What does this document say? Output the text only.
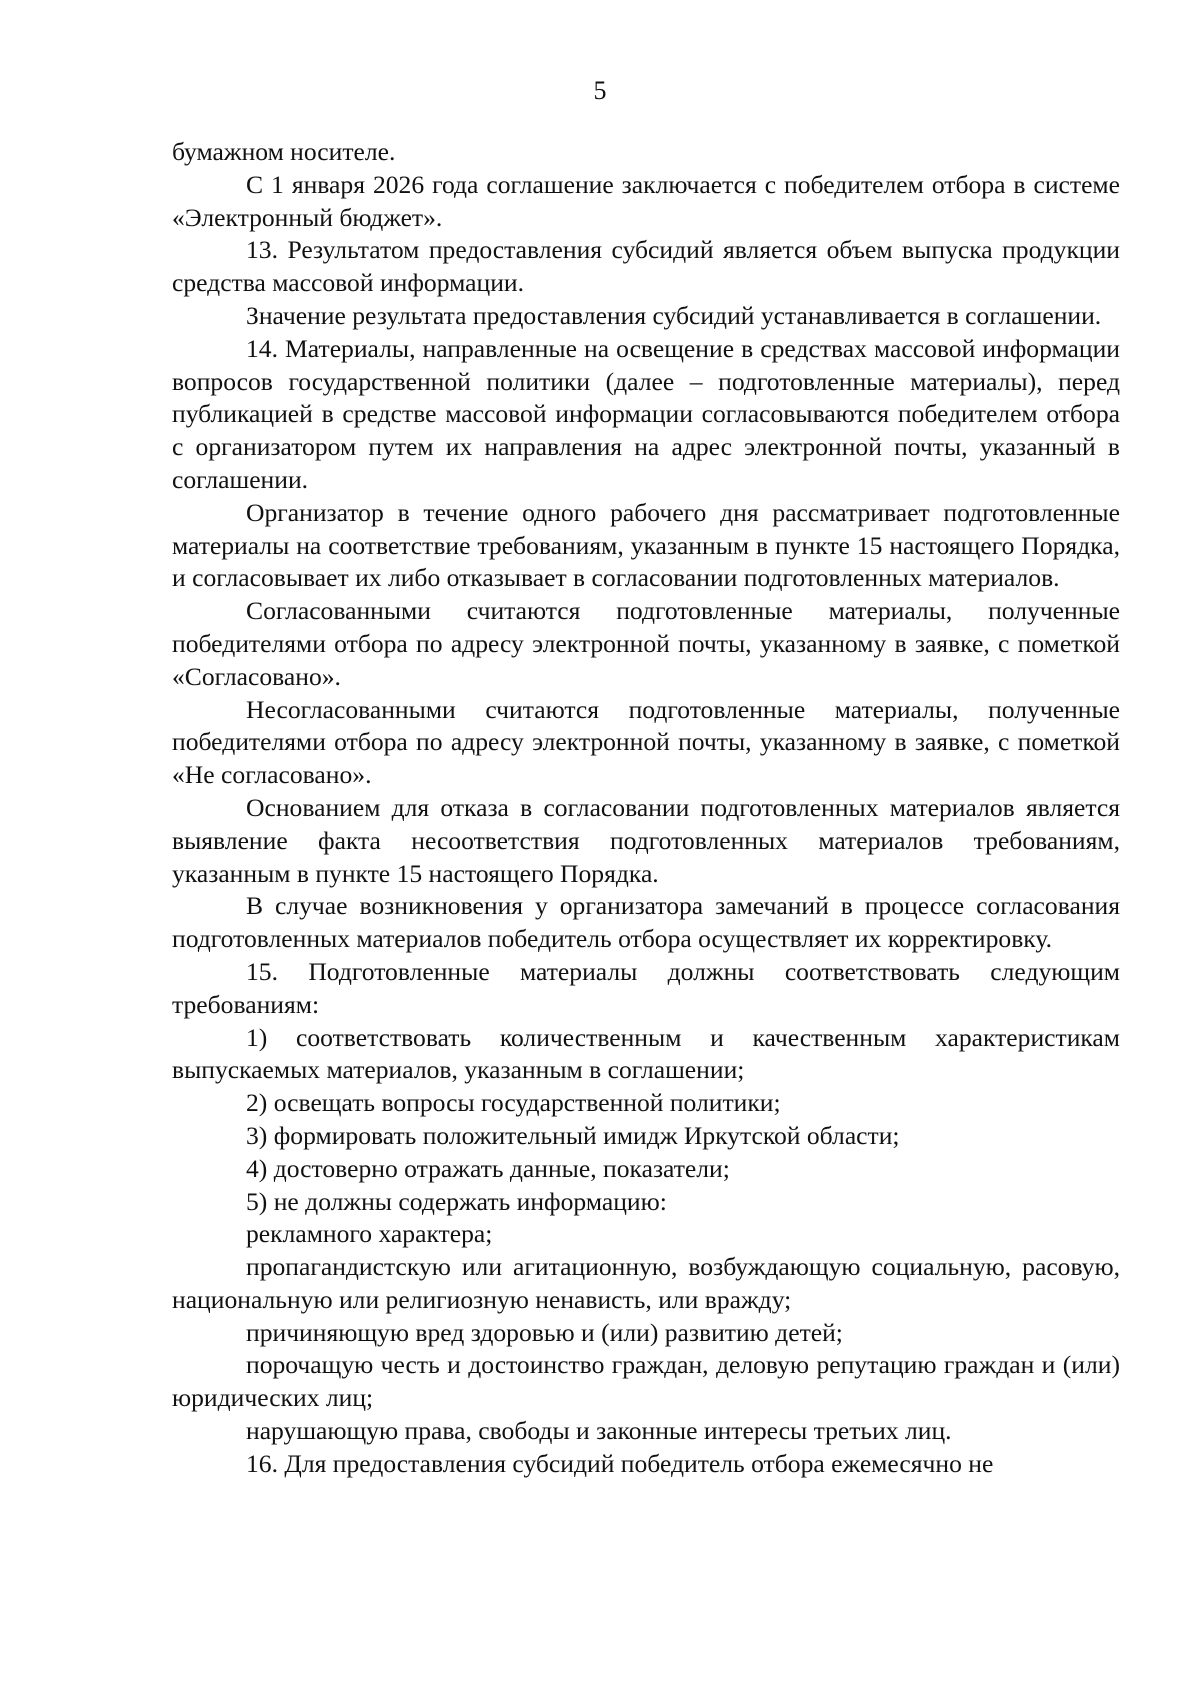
5

бумажном носителе.

С 1 января 2026 года соглашение заключается с победителем отбора в системе «Электронный бюджет».

13. Результатом предоставления субсидий является объем выпуска продукции средства массовой информации.

Значение результата предоставления субсидий устанавливается в соглашении.

14. Материалы, направленные на освещение в средствах массовой информации вопросов государственной политики (далее – подготовленные материалы), перед публикацией в средстве массовой информации согласовываются победителем отбора с организатором путем их направления на адрес электронной почты, указанный в соглашении.

Организатор в течение одного рабочего дня рассматривает подготовленные материалы на соответствие требованиям, указанным в пункте 15 настоящего Порядка, и согласовывает их либо отказывает в согласовании подготовленных материалов.

Согласованными считаются подготовленные материалы, полученные победителями отбора по адресу электронной почты, указанному в заявке, с пометкой «Согласовано».

Несогласованными считаются подготовленные материалы, полученные победителями отбора по адресу электронной почты, указанному в заявке, с пометкой «Не согласовано».

Основанием для отказа в согласовании подготовленных материалов является выявление факта несоответствия подготовленных материалов требованиям, указанным в пункте 15 настоящего Порядка.

В случае возникновения у организатора замечаний в процессе согласования подготовленных материалов победитель отбора осуществляет их корректировку.

15. Подготовленные материалы должны соответствовать следующим требованиям:

1) соответствовать количественным и качественным характеристикам выпускаемых материалов, указанным в соглашении;

2) освещать вопросы государственной политики;

3) формировать положительный имидж Иркутской области;

4) достоверно отражать данные, показатели;

5) не должны содержать информацию:

рекламного характера;

пропагандистскую или агитационную, возбуждающую социальную, расовую, национальную или религиозную ненависть, или вражду;

причиняющую вред здоровью и (или) развитию детей;

порочащую честь и достоинство граждан, деловую репутацию граждан и (или) юридических лиц;

нарушающую права, свободы и законные интересы третьих лиц.

16. Для предоставления субсидий победитель отбора ежемесячно не
